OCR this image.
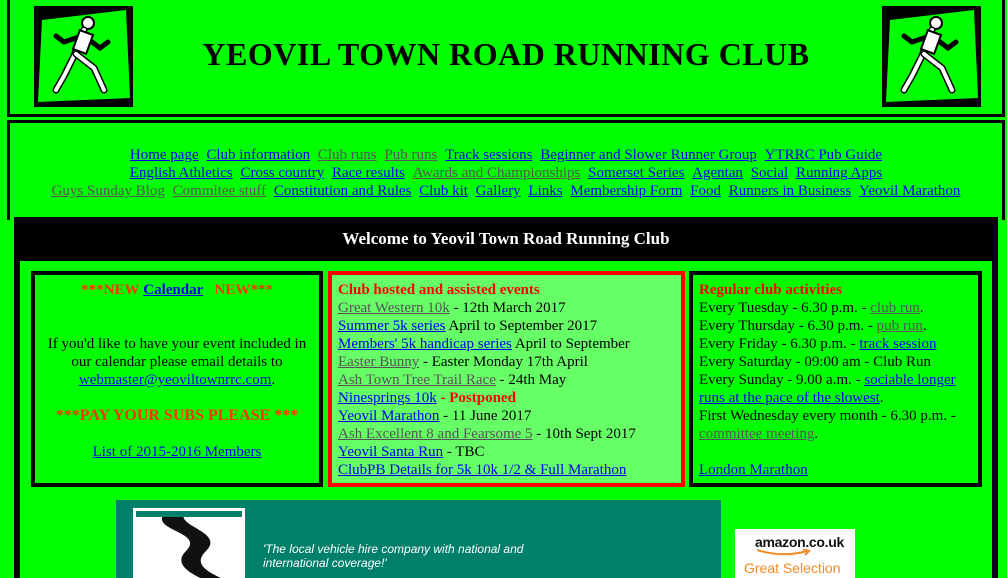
YEOVIL TOWN ROAD RUNNING CLUB
Home page Club information Club runs Pub runs Track sessions Beginner and Slower Runner Group YTRRC Pub Guide
English Athletics Cross country Race results Awards and Championships Somerset Series Agentan Social Running Apps
Guys Sunday Blog Commitee stuff Constitution and Rules Club kit Gallery Links Membership Form Food Runners in Business Yeovil Marathon
Welcome to Yeovil Town Road Running Club
***NEW Calendar NEW***

If you'd like to have your event included in our calendar please email details to
webmaster@yeoviltownrrc.com.

***PAY YOUR SUBS PLEASE ***

List of 2015-2016 Members
Club hosted and assisted events
Great Western 10k - 12th March 2017
Summer 5k series April to September 2017
Members' 5k handicap series April to September
Easter Bunny - Easter Monday 17th April
Ash Town Tree Trail Race - 24th May
Ninesprings 10k - Postponed
Yeovil Marathon - 11 June 2017
Ash Excellent 8 and Fearsome 5 - 10th Sept 2017
Yeovil Santa Run - TBC
ClubPB Details for 5k 10k 1/2 & Full Marathon
Regular club activities
Every Tuesday - 6.30 p.m. - club run.
Every Thursday - 6.30 p.m. - pub run.
Every Friday - 6.30 p.m. - track session
Every Saturday - 09:00 am - Club Run
Every Sunday - 9.00 a.m. - sociable longer runs at the pace of the slowest.
First Wednesday every month - 6.30 p.m. - committee meeting.

London Marathon
'The local vehicle hire company with national and international coverage!'
amazon.co.uk
Great Selection
